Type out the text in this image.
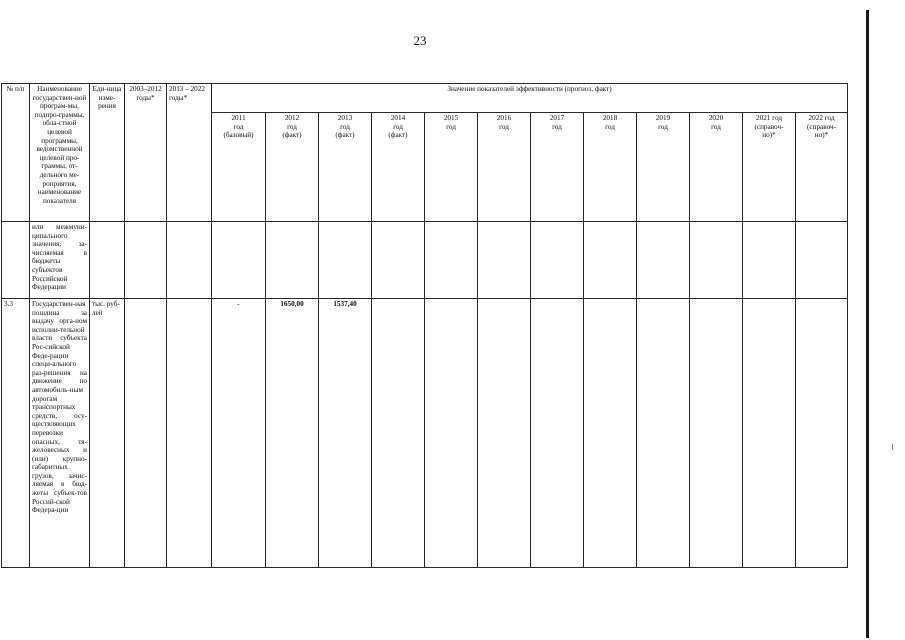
23
№ п/п	Наименование государствен-ной програм-мы, подпро-граммы, обла-стной целевой программы, ведомственной целевой про-граммы, от-дельного ме-роприятия, наименование показателя	Еди-ница изме-рения	2003–2012 годы*	2013 – 2022 годы*	Значение показателей эффективности (прогноз, факт)											
					2011
год
(базовый)	2012
год
(факт)	2013
год
(факт)	2014
год
(факт)	2015
год	2016
год	2017
год	2018
год	2019
год	2020
год	2021 год
(справоч-
но)*	2022 год
(справоч-
но)*
	или межмуни-ципального значения, за-числяемая в бюджеты субъектов Российской Федерации															
3.3	Государствен-ная пошлина за выдачу орга-ном исполни-тельной власти субъекта Рос-сийской Феде-рации специ-ального раз-решения на движение по автомобиль-ным дорогам транспортных средств, осу-ществляющих перевозки опасных, тя-желовесных и (или) крупно-габаритных грузов, зачис-ляемая в бюд-жеты субъек-тов Россий-ской Федера-ции	тыс. руб-лей			-	1650,00	1537,40									
